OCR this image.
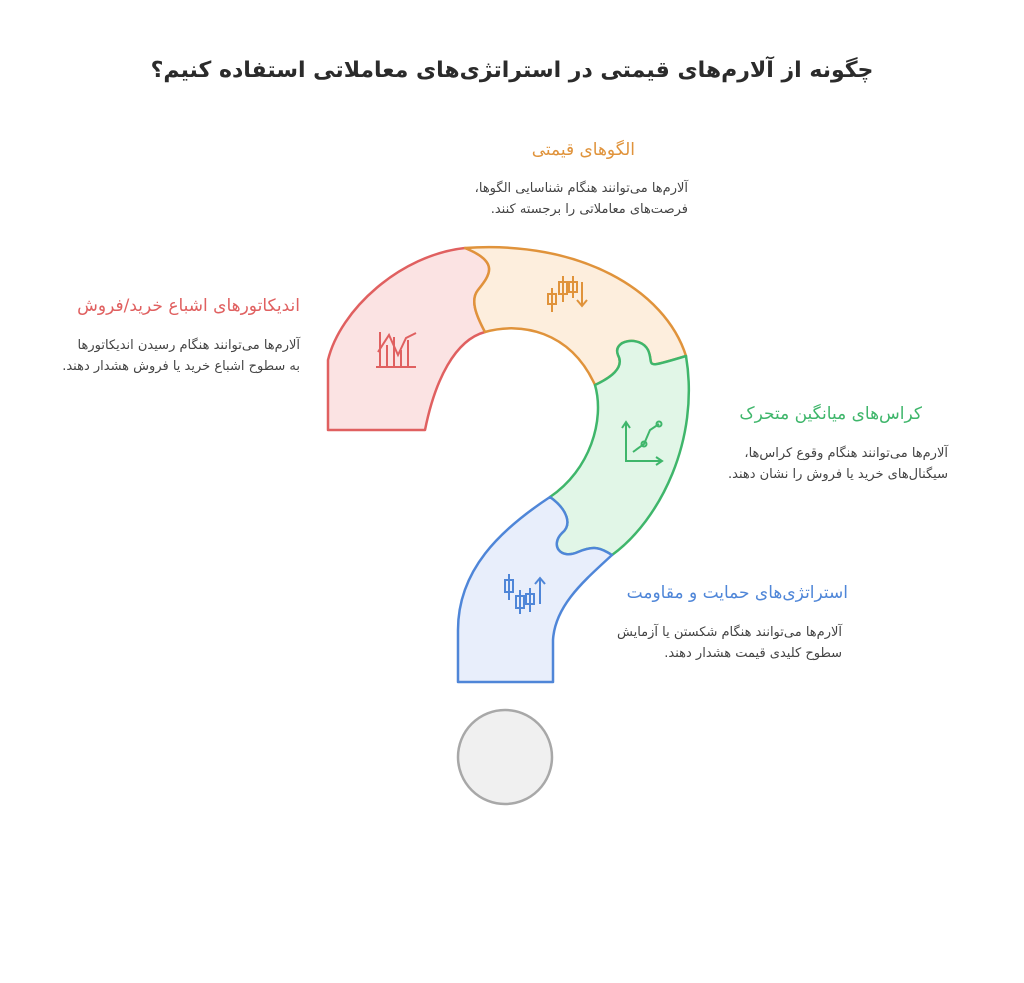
چگونه از آلارم‌های قیمتی در استراتژی‌های معاملاتی استفاده کنیم؟
الگوهای قیمتی
آلارم‌ها می‌توانند هنگام شناسایی الگوها،
فرصت‌های معاملاتی را برجسته کنند.
اندیکاتورهای اشباع خرید/فروش
آلارم‌ها می‌توانند هنگام رسیدن اندیکاتورها
به سطوح اشباع خرید یا فروش هشدار دهند.
کراس‌های میانگین متحرک
آلارم‌ها می‌توانند هنگام وقوع کراس‌ها،
سیگنال‌های خرید یا فروش را نشان دهند.
استراتژی‌های حمایت و مقاومت
آلارم‌ها می‌توانند هنگام شکستن یا آزمایش
سطوح کلیدی قیمت هشدار دهند.
